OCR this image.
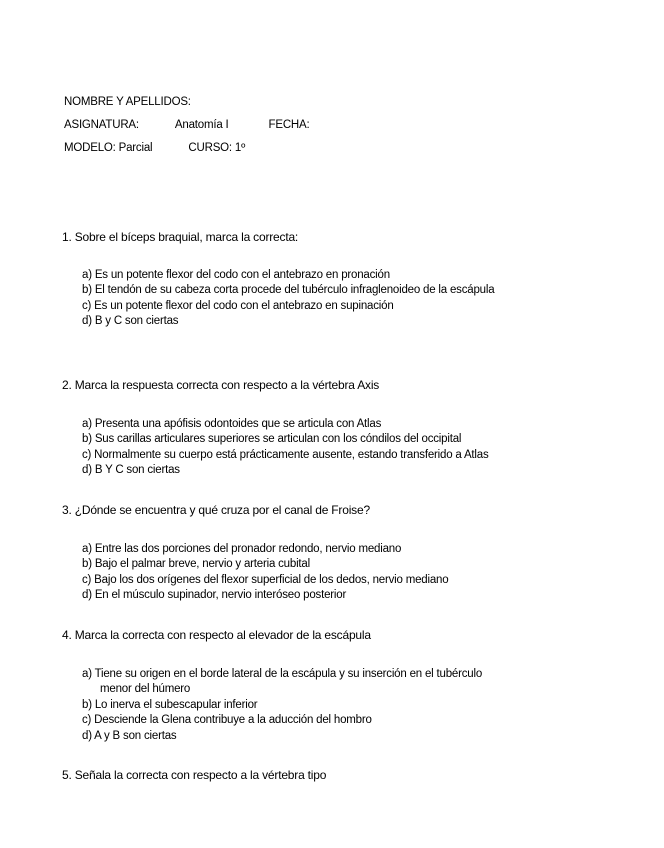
NOMBRE Y APELLIDOS:
ASIGNATURA:	Anatomía I	FECHA:
MODELO: Parcial	CURSO: 1º
1. Sobre el bíceps braquial, marca la correcta:
a) Es un potente flexor del codo con el antebrazo en pronación
b) El tendón de su cabeza corta procede del tubérculo infraglenoideo de la escápula
c) Es un potente flexor del codo con el antebrazo en supinación
d) B y C son ciertas
2. Marca la respuesta correcta con respecto a la vértebra Axis
a) Presenta una apófisis odontoides que se articula con Atlas
b) Sus carillas articulares superiores se articulan con los cóndilos del occipital
c) Normalmente su cuerpo está prácticamente ausente, estando transferido a Atlas
d) B Y C son ciertas
3. ¿Dónde se encuentra y qué cruza por el canal de Froise?
a) Entre las dos porciones del pronador redondo, nervio mediano
b) Bajo el palmar breve, nervio y arteria cubital
c) Bajo los dos orígenes del flexor superficial de los dedos, nervio mediano
d) En el músculo supinador, nervio interóseo posterior
4. Marca la correcta con respecto al elevador de la escápula
a) Tiene su origen en el borde lateral de la escápula y su inserción en el tubérculo
menor del húmero
b) Lo inerva el subescapular inferior
c) Desciende la Glena contribuye a la aducción del hombro
d) A y B son ciertas
5. Señala la correcta con respecto a la vértebra tipo
